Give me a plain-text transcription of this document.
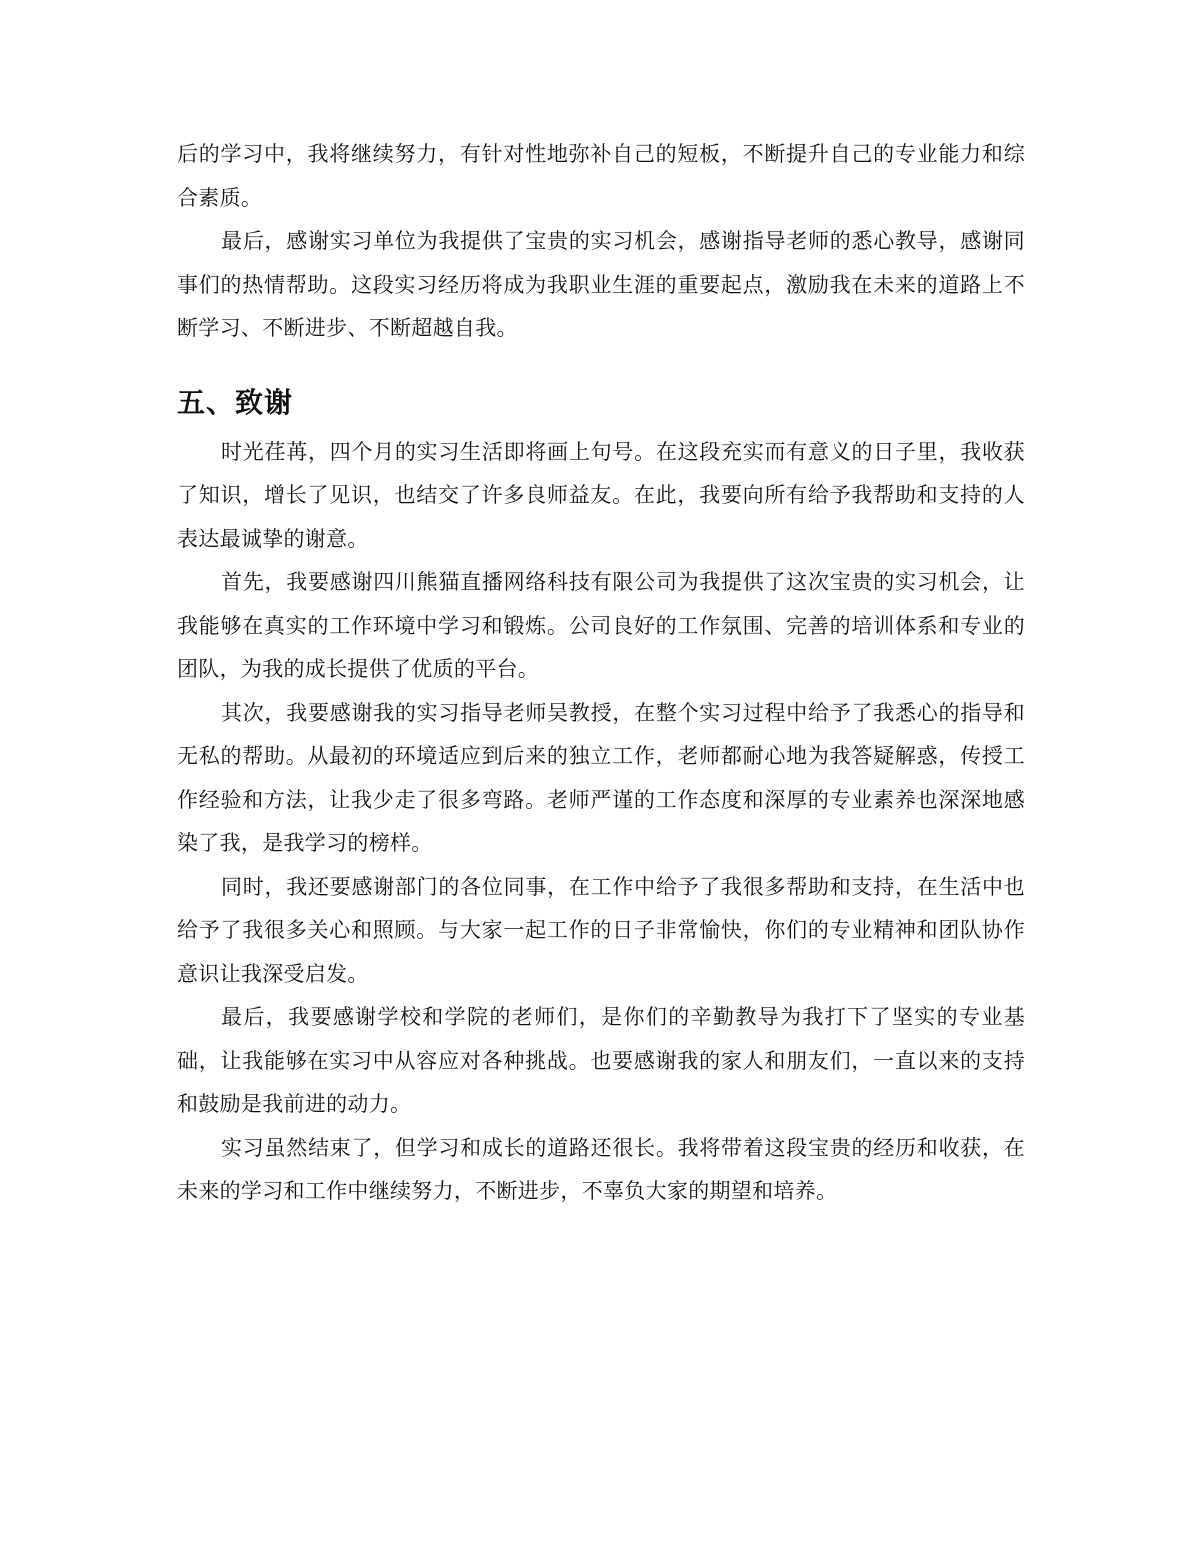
后的学习中，我将继续努力，有针对性地弥补自己的短板，不断提升自己的专业能力和综合素质。

最后，感谢实习单位为我提供了宝贵的实习机会，感谢指导老师的悉心教导，感谢同事们的热情帮助。这段实习经历将成为我职业生涯的重要起点，激励我在未来的道路上不断学习、不断进步、不断超越自我。

五、致谢

时光荏苒，四个月的实习生活即将画上句号。在这段充实而有意义的日子里，我收获了知识，增长了见识，也结交了许多良师益友。在此，我要向所有给予我帮助和支持的人表达最诚挚的谢意。

首先，我要感谢四川熊猫直播网络科技有限公司为我提供了这次宝贵的实习机会，让我能够在真实的工作环境中学习和锻炼。公司良好的工作氛围、完善的培训体系和专业的团队，为我的成长提供了优质的平台。

其次，我要感谢我的实习指导老师吴教授，在整个实习过程中给予了我悉心的指导和无私的帮助。从最初的环境适应到后来的独立工作，老师都耐心地为我答疑解惑，传授工作经验和方法，让我少走了很多弯路。老师严谨的工作态度和深厚的专业素养也深深地感染了我，是我学习的榜样。

同时，我还要感谢部门的各位同事，在工作中给予了我很多帮助和支持，在生活中也给予了我很多关心和照顾。与大家一起工作的日子非常愉快，你们的专业精神和团队协作意识让我深受启发。

最后，我要感谢学校和学院的老师们，是你们的辛勤教导为我打下了坚实的专业基础，让我能够在实习中从容应对各种挑战。也要感谢我的家人和朋友们，一直以来的支持和鼓励是我前进的动力。

实习虽然结束了，但学习和成长的道路还很长。我将带着这段宝贵的经历和收获，在未来的学习和工作中继续努力，不断进步，不辜负大家的期望和培养。
